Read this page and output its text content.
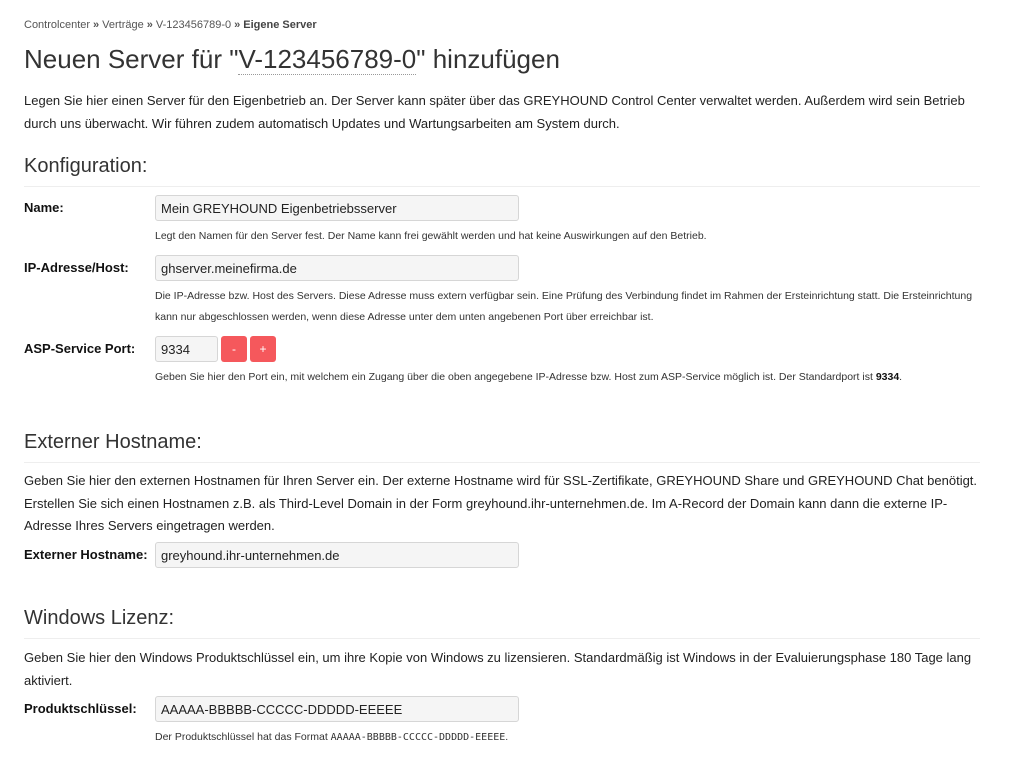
Controlcenter » Verträge » V-123456789-0 » Eigene Server
Neuen Server für "V-123456789-0" hinzufügen

Legen Sie hier einen Server für den Eigenbetrieb an. Der Server kann später über das GREYHOUND Control Center verwaltet werden. Außerdem wird sein Betrieb durch uns überwacht. Wir führen zudem automatisch Updates und Wartungsarbeiten am System durch.

Konfiguration:
Name:
Mein GREYHOUND Eigenbetriebsserver
Legt den Namen für den Server fest. Der Name kann frei gewählt werden und hat keine Auswirkungen auf den Betrieb.
IP-Adresse/Host:
ghserver.meinefirma.de
Die IP-Adresse bzw. Host des Servers. Diese Adresse muss extern verfügbar sein. Eine Prüfung des Verbindung findet im Rahmen der Ersteinrichtung statt. Die Ersteinrichtung kann nur abgeschlossen werden, wenn diese Adresse unter dem unten angebenen Port über erreichbar ist.
ASP-Service Port:
9334	-	+
Geben Sie hier den Port ein, mit welchem ein Zugang über die oben angegebene IP-Adresse bzw. Host zum ASP-Service möglich ist. Der Standardport ist 9334.
Externer Hostname:

Geben Sie hier den externen Hostnamen für Ihren Server ein. Der externe Hostname wird für SSL-Zertifikate, GREYHOUND Share und GREYHOUND Chat benötigt. Erstellen Sie sich einen Hostnamen z.B. als Third-Level Domain in der Form greyhound.ihr-unternehmen.de. Im A-Record der Domain kann dann die externe IP-Adresse Ihres Servers eingetragen werden.

Externer Hostname:
greyhound.ihr-unternehmen.de
Windows Lizenz:

Geben Sie hier den Windows Produktschlüssel ein, um ihre Kopie von Windows zu lizensieren. Standardmäßig ist Windows in der Evaluierungsphase 180 Tage lang aktiviert.

Produktschlüssel:
AAAAA-BBBBB-CCCCC-DDDDD-EEEEE
Der Produktschlüssel hat das Format AAAAA-BBBBB-CCCCC-DDDDD-EEEEE.
